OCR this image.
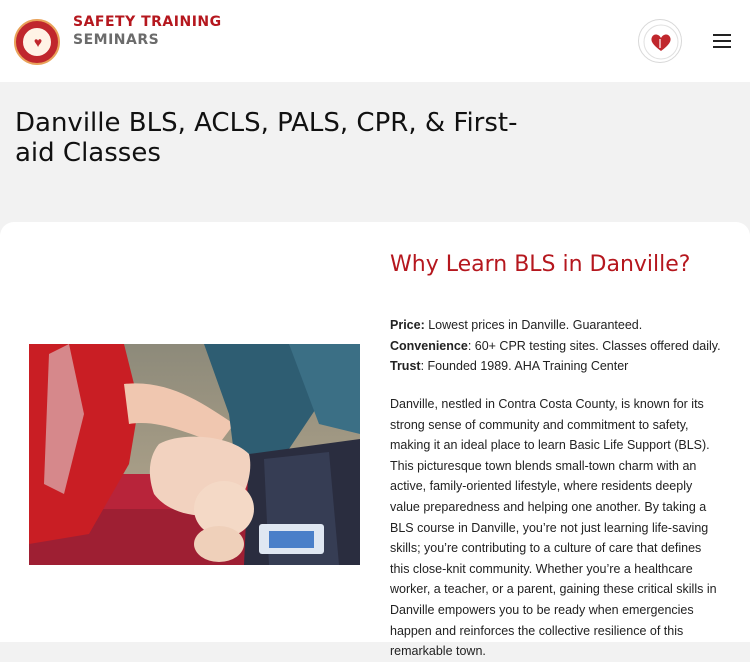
♥
SAFETY TRAINING
SEMINARS
Danville BLS, ACLS, PALS, CPR, & First-aid Classes
Why Learn BLS in Danville?

Price: Lowest prices in Danville. Guaranteed.

Convenience: 60+ CPR testing sites. Classes offered daily.

Trust: Founded 1989. AHA Training Center

Danville, nestled in Contra Costa County, is known for its strong sense of community and commitment to safety, making it an ideal place to learn Basic Life Support (BLS). This picturesque town blends small-town charm with an active, family-oriented lifestyle, where residents deeply value preparedness and helping one another. By taking a BLS course in Danville, you’re not just learning life-saving skills; you’re contributing to a culture of care that defines this close-knit community. Whether you’re a healthcare worker, a teacher, or a parent, gaining these critical skills in Danville empowers you to be ready when emergencies happen and reinforces the collective resilience of this remarkable town.
